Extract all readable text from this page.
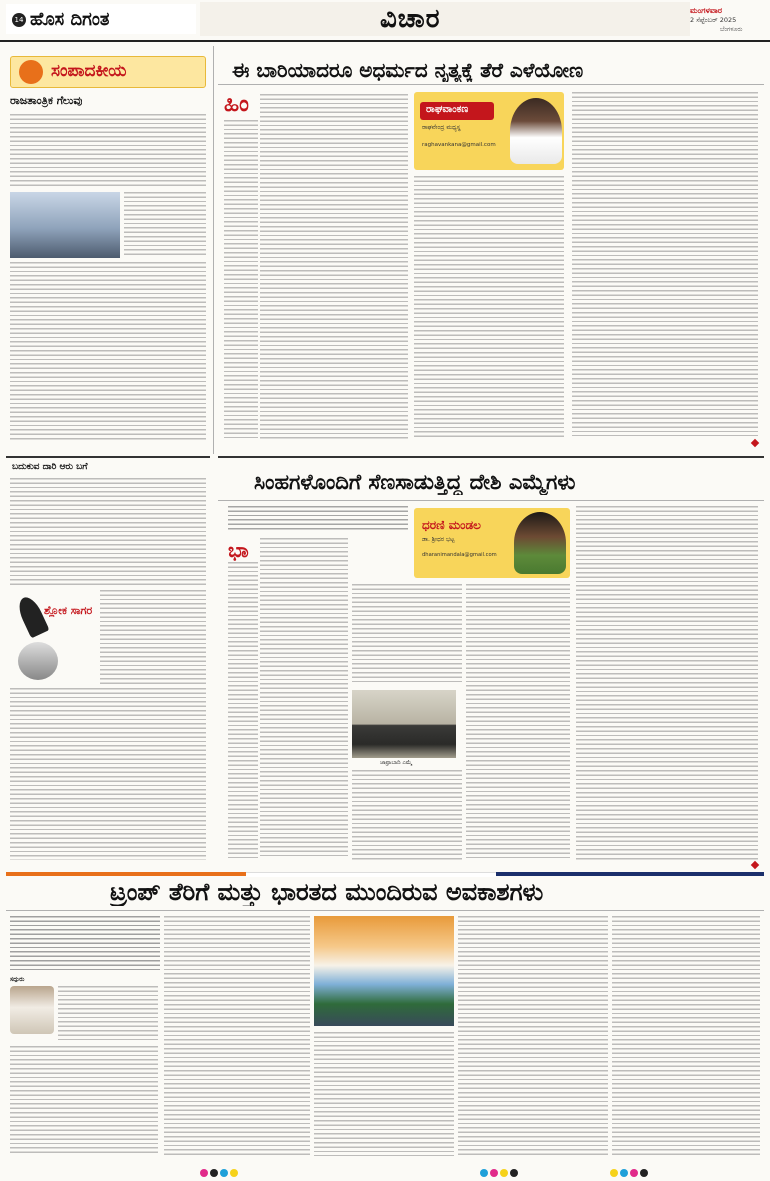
14 ಹೊಸ ದಿಗಂತ	ವಿಚಾರ	ಮಂಗಳವಾರ
2 ಸೆಪ್ಟೆಂಬರ್ 2025
ಬೆಂಗಳೂರು
ಸಂಪಾದಕೀಯ
ರಾಜತಾಂತ್ರಿಕ ಗೆಲುವು
ಈ ಬಾರಿಯಾದರೂ ಅಧರ್ಮದ ನೃತ್ಯಕ್ಕೆ ತೆರೆ ಎಳೆಯೋಣ
ಹಿಂ	ರಾಘವಾಂಕಣ
ರಾಘವೇಂದ್ರ ಮಧ್ಯಸ್ಥ
raghavankana@gmail.com
ಬದುಕುವ ದಾರಿ ಆರು ಬಗೆ
ಶ್ಲೋಕ ಸಾಗರ
ಸಿಂಹಗಳೊಂದಿಗೆ ಸೆಣಸಾಡುತ್ತಿದ್ದ ದೇಶಿ ಎಮ್ಮೆಗಳು
ಭಾ
ಧರಣಿ ಮಂಡಲ
ಡಾ. ಶ್ರೀಧರ ಭಟ್ಟ
dharanimandala@gmail.com
ಜಾಫ್ರಾಬಾದಿ ಎಮ್ಮೆ
ಟ್ರಂಪ್ ತೆರಿಗೆ ಮತ್ತು ಭಾರತದ ಮುಂದಿರುವ ಅವಕಾಶಗಳು
ಸದ್ಗುರು
